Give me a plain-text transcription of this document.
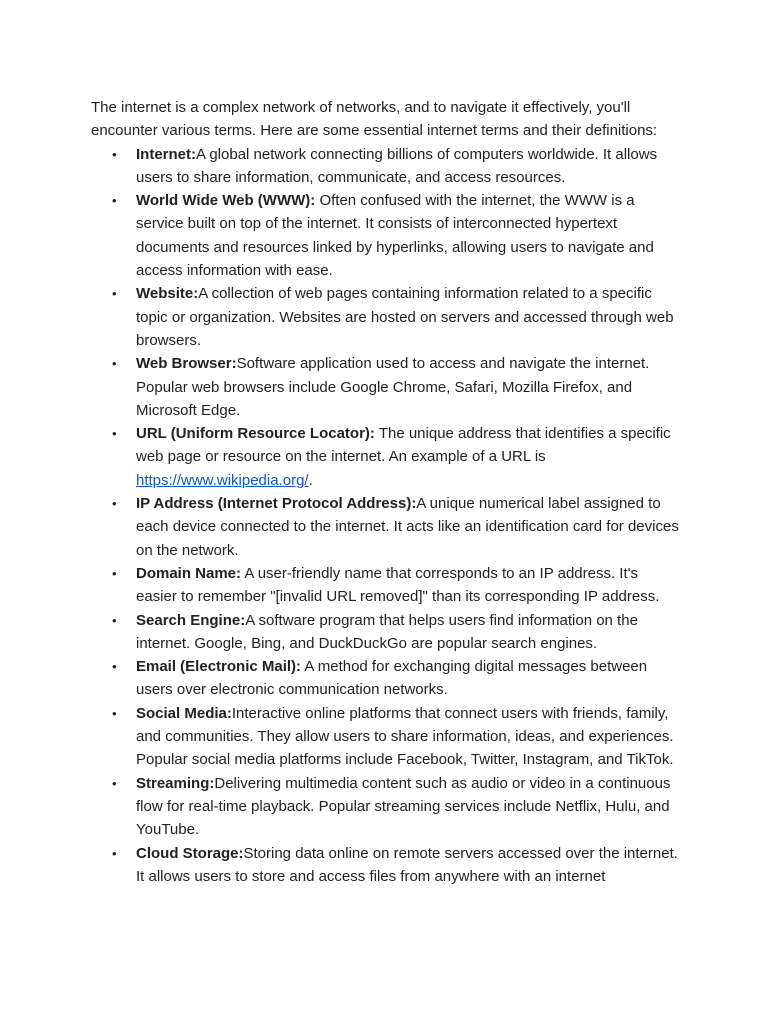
The internet is a complex network of networks, and to navigate it effectively, you'll encounter various terms. Here are some essential internet terms and their definitions:

• Internet:A global network connecting billions of computers worldwide. It allows users to share information, communicate, and access resources.
• World Wide Web (WWW): Often confused with the internet, the WWW is a service built on top of the internet. It consists of interconnected hypertext documents and resources linked by hyperlinks, allowing users to navigate and access information with ease.
• Website:A collection of web pages containing information related to a specific topic or organization. Websites are hosted on servers and accessed through web browsers.
• Web Browser:Software application used to access and navigate the internet. Popular web browsers include Google Chrome, Safari, Mozilla Firefox, and Microsoft Edge.
• URL (Uniform Resource Locator): The unique address that identifies a specific web page or resource on the internet. An example of a URL is https://www.wikipedia.org/.
• IP Address (Internet Protocol Address):A unique numerical label assigned to each device connected to the internet. It acts like an identification card for devices on the network.
• Domain Name: A user-friendly name that corresponds to an IP address. It's easier to remember "[invalid URL removed]" than its corresponding IP address.
• Search Engine:A software program that helps users find information on the internet. Google, Bing, and DuckDuckGo are popular search engines.
• Email (Electronic Mail): A method for exchanging digital messages between users over electronic communication networks.
• Social Media:Interactive online platforms that connect users with friends, family, and communities. They allow users to share information, ideas, and experiences. Popular social media platforms include Facebook, Twitter, Instagram, and TikTok.
• Streaming:Delivering multimedia content such as audio or video in a continuous flow for real-time playback. Popular streaming services include Netflix, Hulu, and YouTube.
• Cloud Storage:Storing data online on remote servers accessed over the internet. It allows users to store and access files from anywhere with an internet
